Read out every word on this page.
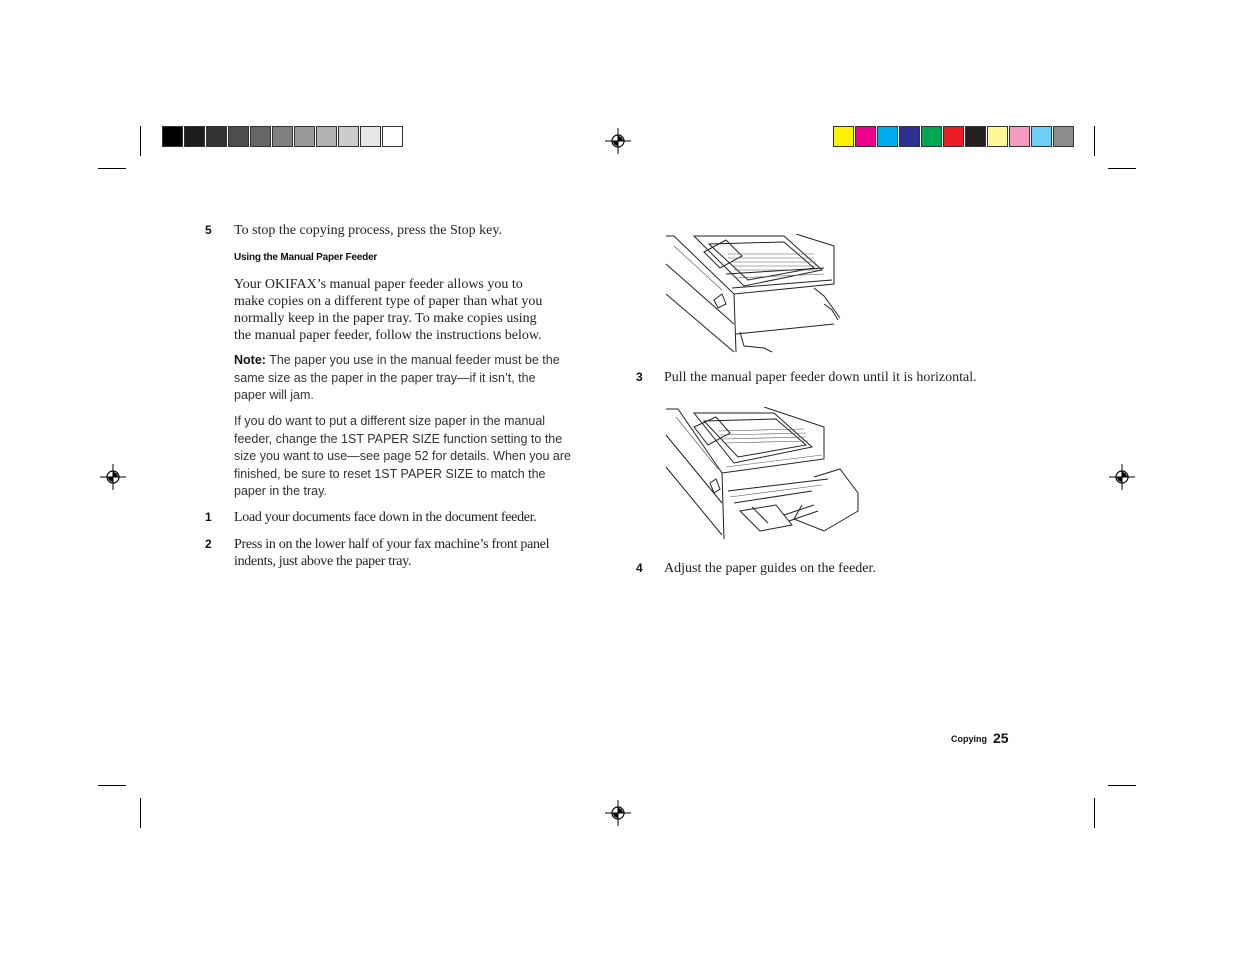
5 To stop the copying process, press the Stop key.
Using the Manual Paper Feeder
Your OKIFAX’s manual paper feeder allows you to
make copies on a different type of paper than what you
normally keep in the paper tray. To make copies using
the manual paper feeder, follow the instructions below.
Note: The paper you use in the manual feeder must be the
same size as the paper in the paper tray—if it isn’t, the
paper will jam.
If you do want to put a different size paper in the manual
feeder, change the 1ST PAPER SIZE function setting to the
size you want to use—see page 52 for details. When you are
finished, be sure to reset 1ST PAPER SIZE to match the
paper in the tray.
1 Load your documents face down in the document feeder.
2 Press in on the lower half of your fax machine’s front panel
indents, just above the paper tray.
3 Pull the manual paper feeder down until it is horizontal.
4 Adjust the paper guides on the feeder.
Copying 25
